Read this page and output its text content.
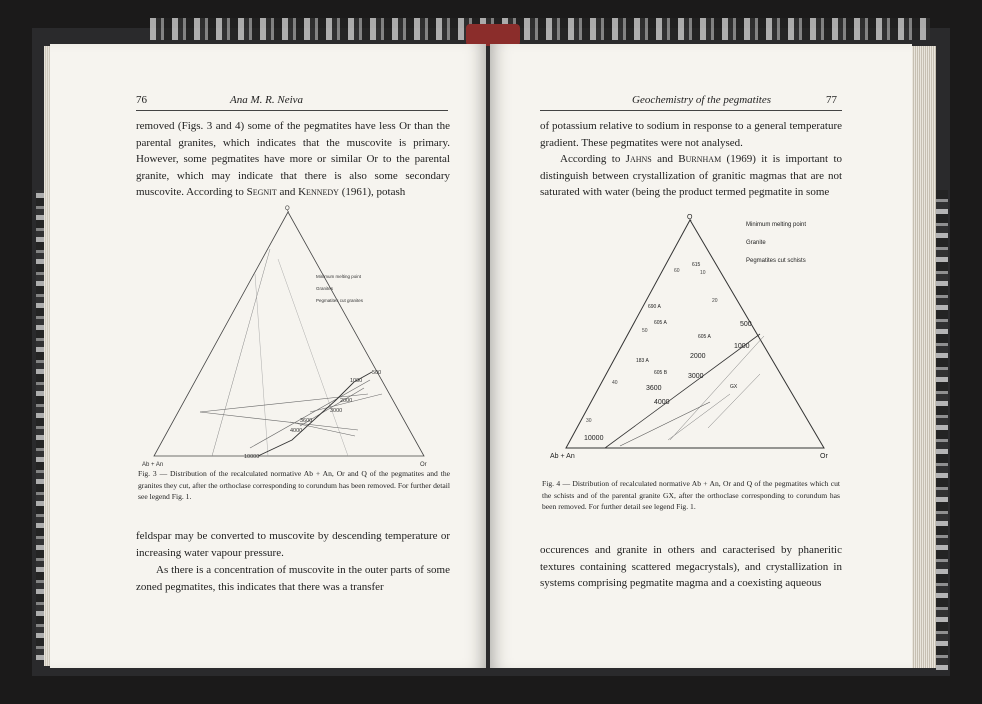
76	Ana M. R. Neiva

removed (Figs. 3 and 4) some of the pegmatites have less Or than the parental granites, which indicates that the muscovite is primary. However, some pegmatites have more or similar Or to the parental granite, which may indicate that there is also some secondary muscovite. According to Segnit and Kennedy (1961), potash

Q
Ab + An	Or
Minimum melting point
Granites
Pegmatites cut granites
500
1000
2000
3000
3600
4000
10000
Fig. 3 — Distribution of the recalculated normative Ab + An, Or and Q of the pegmatites and the granites they cut, after the orthoclase corresponding to corundum has been removed. For further detail see legend Fig. 1.

feldspar may be converted to muscovite by descending temperature or increasing water vapour pressure.

As there is a concentration of muscovite in the outer parts of some zoned pegmatites, this indicates that there was a transfer

Geochemistry of the pegmatites	77

of potassium relative to sodium in response to a general temperature gradient. These pegmatites were not analysed.

According to Jahns and Burnham (1969) it is important to distinguish between crystallization of granitic magmas that are not saturated with water (being the product termed pegmatite in some

Q
Ab + An	Or
Minimum melting point
Granite
Pegmatites cut schists
615
690 A
605 A
183 A
605 A
605 B
GX
500
1000
2000
3000
3600
4000
10000
60
50
40
30
20
10
Fig. 4 — Distribution of recalculated normative Ab + An, Or and Q of the pegmatites which cut the schists and of the parental granite GX, after the orthoclase corresponding to corundum has been removed. For further detail see legend Fig. 1.

occurences and granite in others and caracterised by phaneritic textures containing scattered megacrystals), and crystallization in systems comprising pegmatite magma and a coexisting aqueous
